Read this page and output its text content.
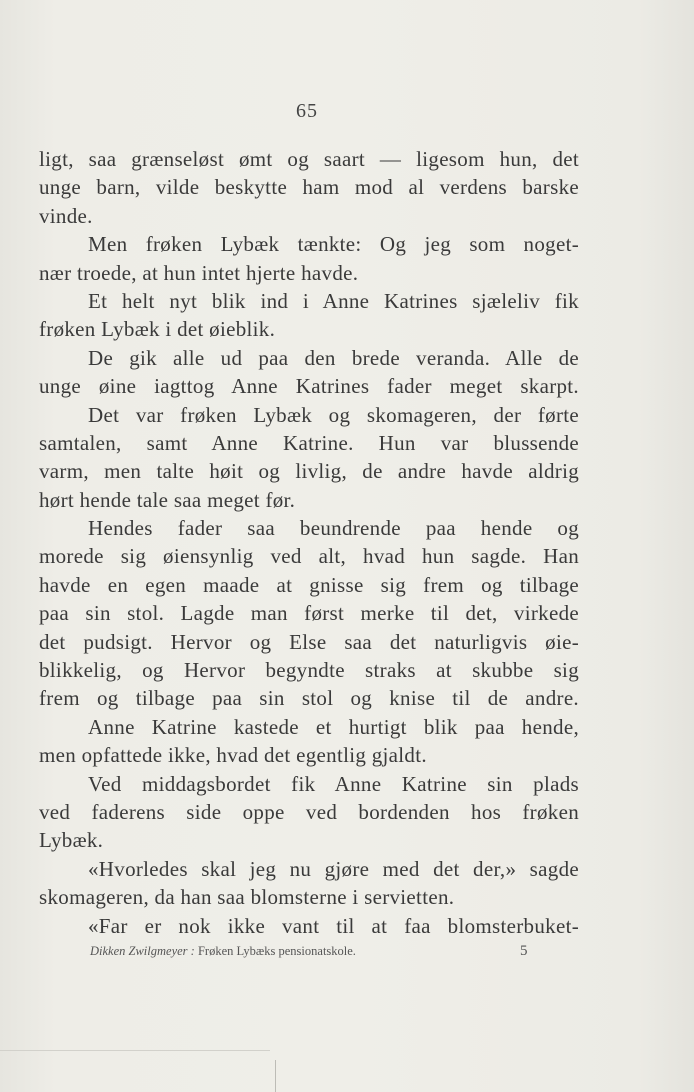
65
ligt, saa grænseløst ømt og saart — ligesom hun, det
unge barn, vilde beskytte ham mod al verdens barske
vinde.
Men frøken Lybæk tænkte: Og jeg som noget-
nær troede, at hun intet hjerte havde.
Et helt nyt blik ind i Anne Katrines sjæleliv fik
frøken Lybæk i det øieblik.
De gik alle ud paa den brede veranda. Alle de
unge øine iagttog Anne Katrines fader meget skarpt.
Det var frøken Lybæk og skomageren, der førte
samtalen, samt Anne Katrine. Hun var blussende
varm, men talte høit og livlig, de andre havde aldrig
hørt hende tale saa meget før.
Hendes fader saa beundrende paa hende og
morede sig øiensynlig ved alt, hvad hun sagde. Han
havde en egen maade at gnisse sig frem og tilbage
paa sin stol. Lagde man først merke til det, virkede
det pudsigt. Hervor og Else saa det naturligvis øie-
blikkelig, og Hervor begyndte straks at skubbe sig
frem og tilbage paa sin stol og knise til de andre.
Anne Katrine kastede et hurtigt blik paa hende,
men opfattede ikke, hvad det egentlig gjaldt.
Ved middagsbordet fik Anne Katrine sin plads
ved faderens side oppe ved bordenden hos frøken
Lybæk.
«Hvorledes skal jeg nu gjøre med det der,» sagde
skomageren, da han saa blomsterne i servietten.
«Far er nok ikke vant til at faa blomsterbuket-
Dikken Zwilgmeyer : Frøken Lybæks pensionatskole.	5
